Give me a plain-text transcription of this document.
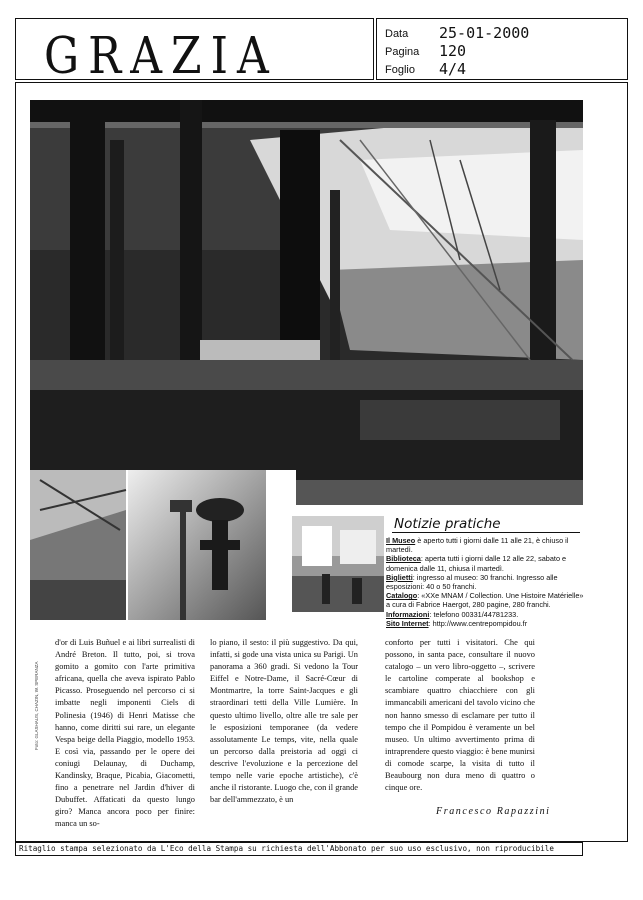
GRAZIA	Data 25-01-2000
Pagina 120
Foglio 4/4
Notizie pratiche

Il Museo è aperto tutti i giorni dalle 11 alle 21, è chiuso il martedì.

Biblioteca: aperta tutti i giorni dalle 12 alle 22, sabato e domenica dalle 11, chiusa il martedì.

Biglietti: ingresso al museo: 30 franchi. Ingresso alle esposizioni: 40 o 50 franchi.

Catalogo: «XXe MNAM / Collection. Une Histoire Matérielle» a cura di Fabrice Haergot, 280 pagine, 280 franchi.

Informazioni: telefono 00331/44781233.

Sito Internet: http://www.centrepompidou.fr

Foto: GLASHAUS, CHAZIN, W. SPERANZA

d'or di Luis Buñuel e ai libri surrealisti di André Breton. Il tutto, poi, si trova gomito a gomito con l'arte primitiva africana, quella che aveva ispirato Pablo Picasso. Proseguendo nel percorso ci si imbatte negli imponenti Ciels di Polinesia (1946) di Henri Matisse che hanno, come diritti sui rare, un elegante Vespa beige della Piaggio, modello 1953. E così via, passando per le opere dei coniugi Delaunay, di Duchamp, Kandinsky, Braque, Picabia, Giacometti, fino a penetrare nel Jardin d'hiver di Dubuffet. Affaticati da questo lungo giro? Manca ancora poco per finire: manca un so-

lo piano, il sesto: il più suggestivo. Da qui, infatti, si gode una vista unica su Parigi. Un panorama a 360 gradi. Si vedono la Tour Eiffel e Notre-Dame, il Sacré-Cœur di Montmartre, la torre Saint-Jacques e gli straordinari tetti della Ville Lumière. In questo ultimo livello, oltre alle tre sale per le esposizioni temporanee (da vedere assolutamente Le temps, vite, nella quale un percorso dalla preistoria ad oggi ci descrive l'evoluzione e la percezione del tempo nelle varie epoche artistiche), c'è anche il ristorante. Luogo che, con il grande bar dell'ammezzato, è un

conforto per tutti i visitatori. Che qui possono, in santa pace, consultare il nuovo catalogo – un vero libro-oggetto –, scrivere le cartoline comperate al bookshop e scambiare quattro chiacchiere con gli immancabili americani del tavolo vicino che non hanno smesso di esclamare per tutto il tempo che il Pompidou è veramente un bel museo. Un ultimo avvertimento prima di intraprendere questo viaggio: è bene munirsi di comode scarpe, la visita di tutto il Beaubourg non dura meno di quattro o cinque ore.

Francesco Rapazzini
Ritaglio stampa selezionato da L'Eco della Stampa su richiesta dell'Abbonato per suo uso esclusivo, non riproducibile
